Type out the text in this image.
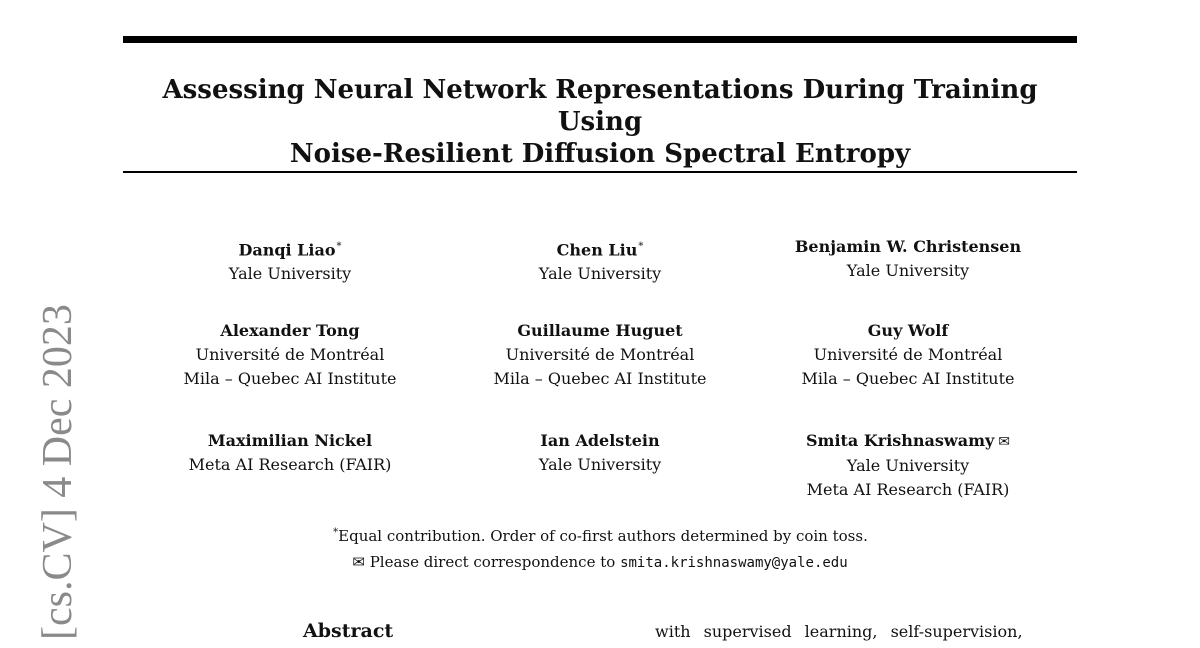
Assessing Neural Network Representations During Training Using
Noise-Resilient Diffusion Spectral Entropy
Danqi Liao*
Yale University
Chen Liu*
Yale University
Benjamin W. Christensen
Yale University
Alexander Tong
Université de Montréal
Mila – Quebec AI Institute
Guillaume Huguet
Université de Montréal
Mila – Quebec AI Institute
Guy Wolf
Université de Montréal
Mila – Quebec AI Institute
Maximilian Nickel
Meta AI Research (FAIR)
Ian Adelstein
Yale University
Smita Krishnaswamy ✉
Yale University
Meta AI Research (FAIR)
*Equal contribution. Order of co-first authors determined by coin toss.
✉ Please direct correspondence to smita.krishnaswamy@yale.edu
Abstract	with supervised learning, self-supervision,
[cs.CV] 4 Dec 2023
